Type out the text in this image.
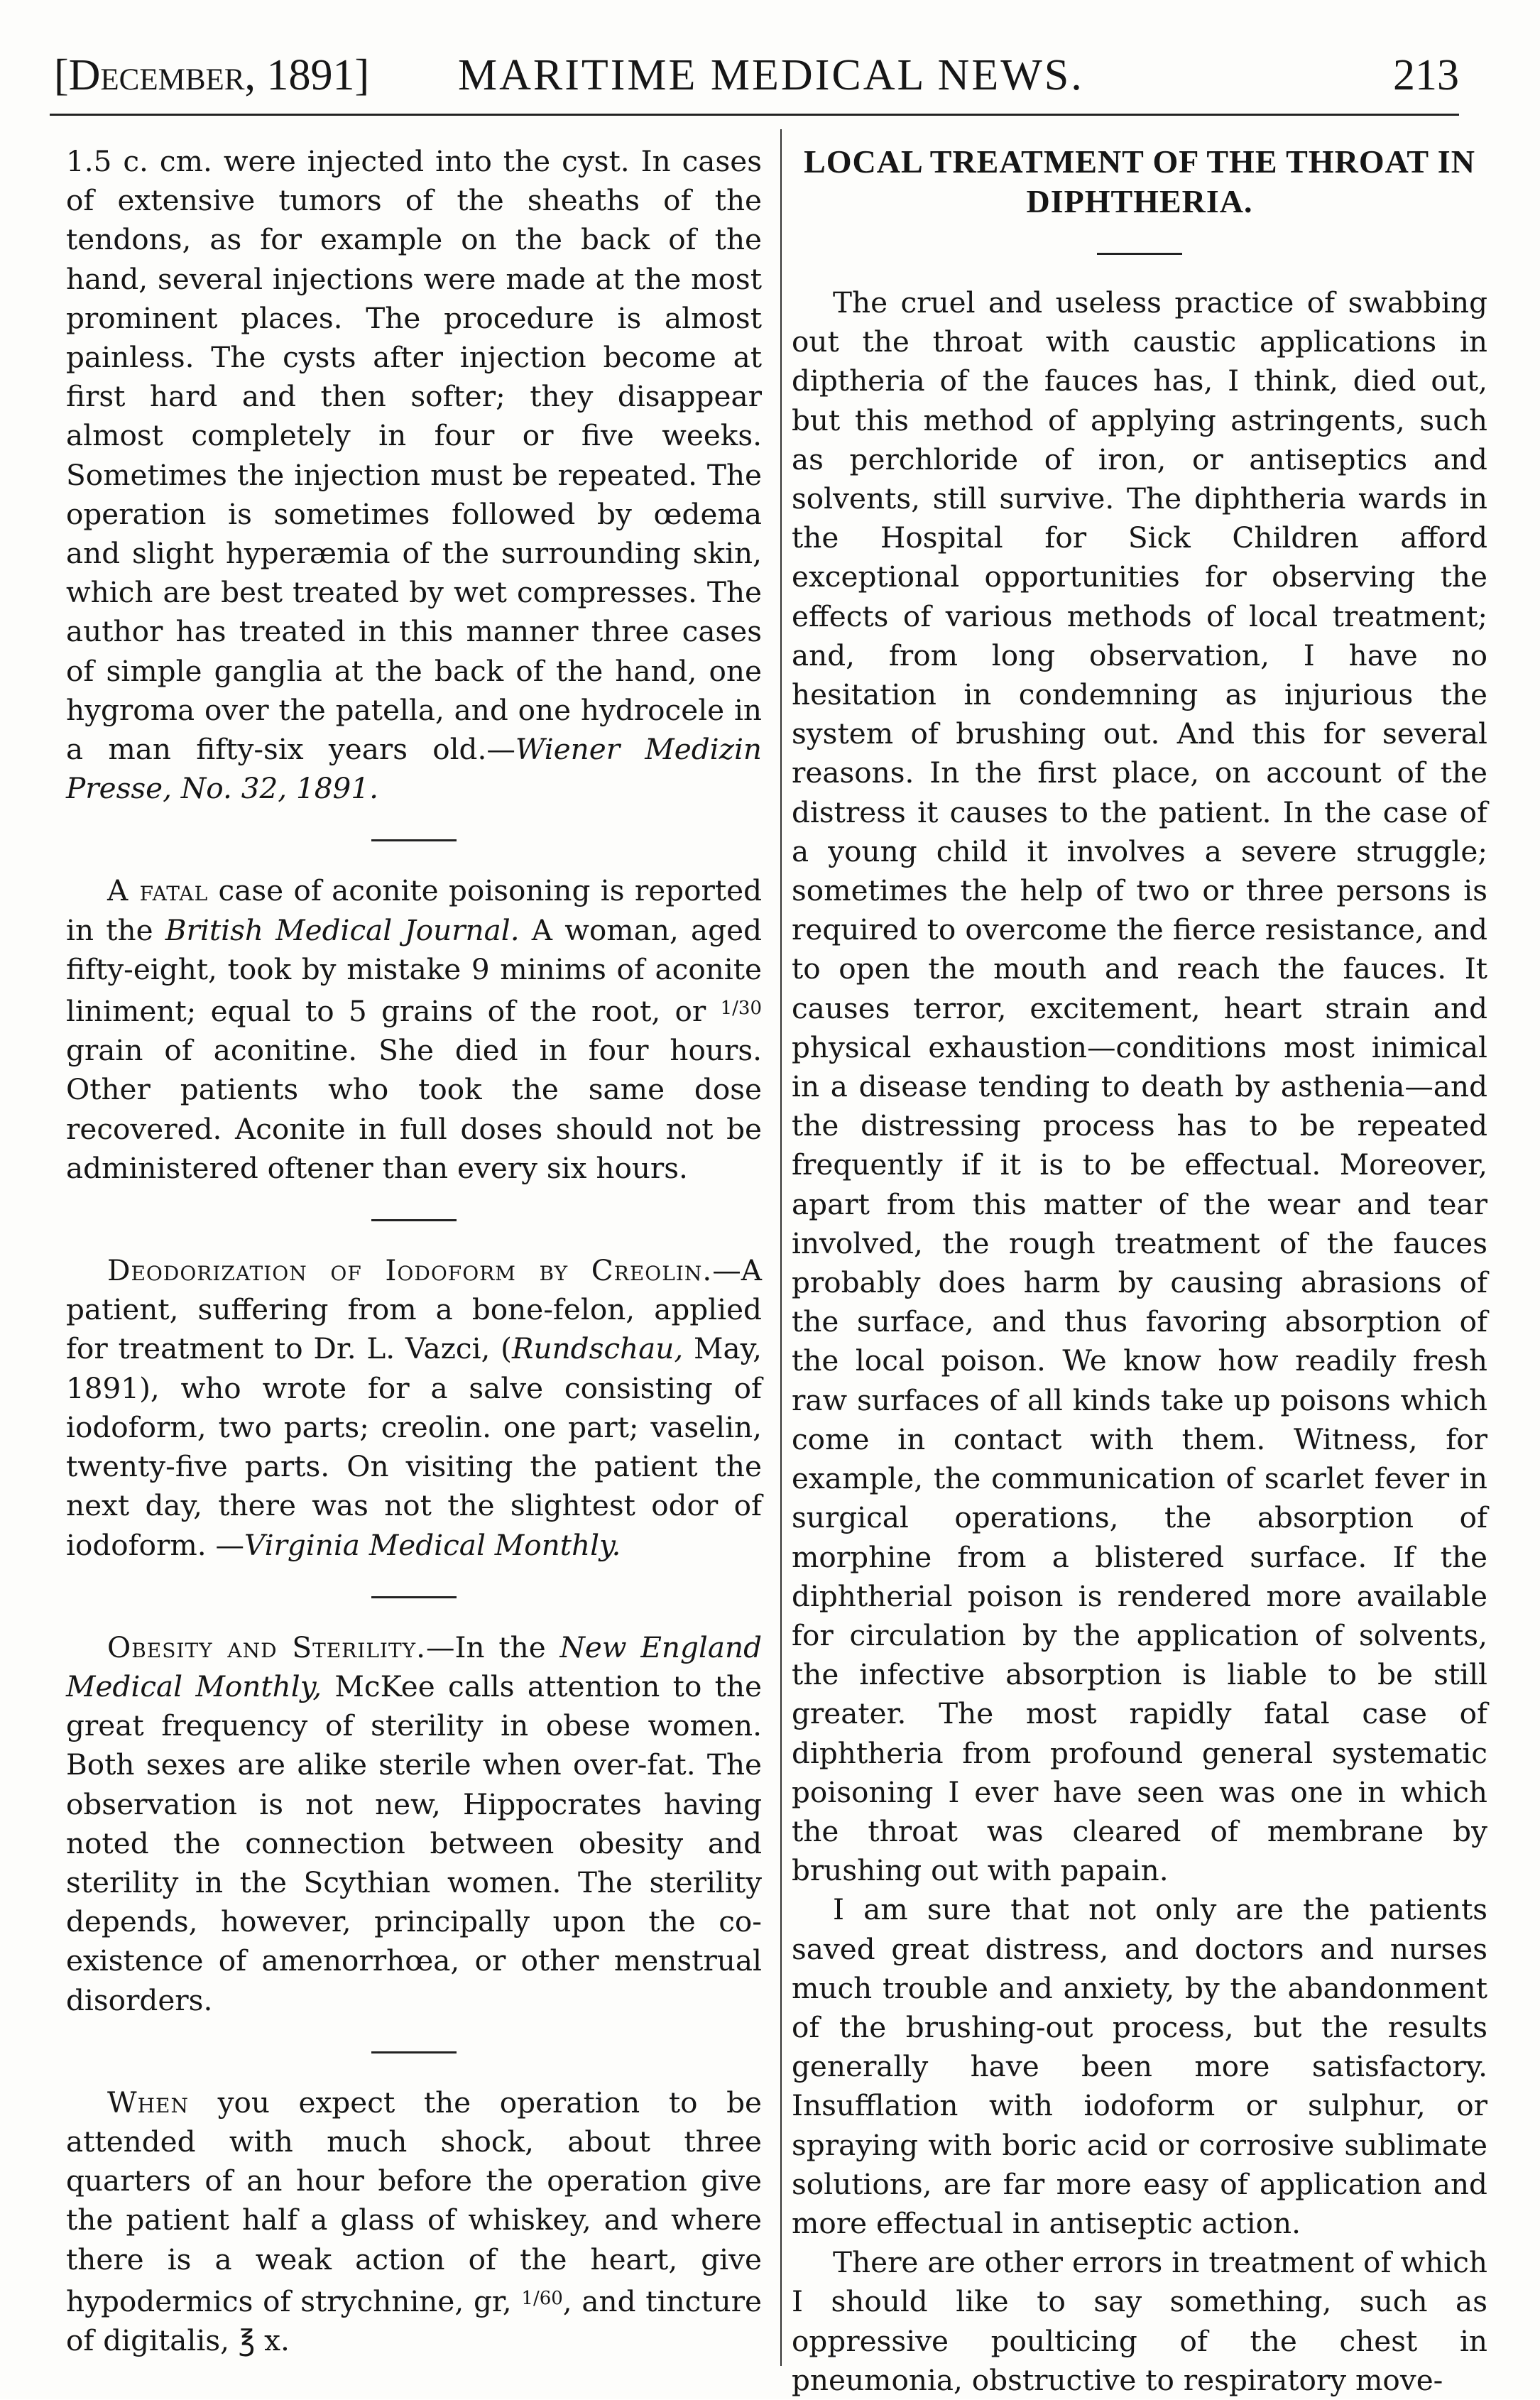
[December, 1891] MARITIME MEDICAL NEWS.	213

1.5 c. cm. were injected into the cyst. In cases of extensive tumors of the sheaths of the tendons, as for example on the back of the hand, several injections were made at the most prominent places. The procedure is almost painless. The cysts after injection become at first hard and then softer; they disappear almost completely in four or five weeks. Sometimes the injection must be repeated. The operation is sometimes followed by œdema and slight hyperæmia of the surrounding skin, which are best treated by wet compresses. The author has treated in this manner three cases of simple ganglia at the back of the hand, one hygroma over the patella, and one hydrocele in a man fifty-six years old.—Wiener Medizin Presse, No. 32, 1891.

A fatal case of aconite poisoning is reported in the British Medical Journal. A woman, aged fifty-eight, took by mistake 9 minims of aconite liniment; equal to 5 grains of the root, or $^{1/30}$ grain of aconitine. She died in four hours. Other patients who took the same dose recovered. Aconite in full doses should not be administered oftener than every six hours.

Deodorization of Iodoform by Creolin.—A patient, suffering from a bone-felon, applied for treatment to Dr. L. Vazci, (Rundschau, May, 1891), who wrote for a salve consisting of iodoform, two parts; creolin. one part; vaselin, twenty-five parts. On visiting the patient the next day, there was not the slightest odor of iodoform. —Virginia Medical Monthly.

Obesity and Sterility.—In the New England Medical Monthly, McKee calls attention to the great frequency of sterility in obese women. Both sexes are alike sterile when over-fat. The observation is not new, Hippocrates having noted the connection between obesity and sterility in the Scythian women. The sterility depends, however, principally upon the co-existence of amenorrhœa, or other menstrual disorders.

When you expect the operation to be attended with much shock, about three quarters of an hour before the operation give the patient half a glass of whiskey, and where there is a weak action of the heart, give hypodermics of strychnine, gr, $^{1/60}$, and tincture of digitalis, ℥ x.

LOCAL TREATMENT OF THE THROAT IN DIPHTHERIA.

The cruel and useless practice of swabbing out the throat with caustic applications in diptheria of the fauces has, I think, died out, but this method of applying astringents, such as perchloride of iron, or antiseptics and solvents, still survive. The diphtheria wards in the Hospital for Sick Children afford exceptional opportunities for observing the effects of various methods of local treatment; and, from long observation, I have no hesitation in condemning as injurious the system of brushing out. And this for several reasons. In the first place, on account of the distress it causes to the patient. In the case of a young child it involves a severe struggle; sometimes the help of two or three persons is required to overcome the fierce resistance, and to open the mouth and reach the fauces. It causes terror, excitement, heart strain and physical exhaustion—conditions most inimical in a disease tending to death by asthenia—and the distressing process has to be repeated frequently if it is to be effectual. Moreover, apart from this matter of the wear and tear involved, the rough treatment of the fauces probably does harm by causing abrasions of the surface, and thus favoring absorption of the local poison. We know how readily fresh raw surfaces of all kinds take up poisons which come in contact with them. Witness, for example, the communication of scarlet fever in surgical operations, the absorption of morphine from a blistered surface. If the diphtherial poison is rendered more available for circulation by the application of solvents, the infective absorption is liable to be still greater. The most rapidly fatal case of diphtheria from profound general systematic poisoning I ever have seen was one in which the throat was cleared of membrane by brushing out with papain.

I am sure that not only are the patients saved great distress, and doctors and nurses much trouble and anxiety, by the abandonment of the brushing-out process, but the results generally have been more satisfactory. Insufflation with iodoform or sulphur, or spraying with boric acid or corrosive sublimate solutions, are far more easy of application and more effectual in antiseptic action.

There are other errors in treatment of which I should like to say something, such as oppressive poulticing of the chest in pneumonia, obstructive to respiratory move-
